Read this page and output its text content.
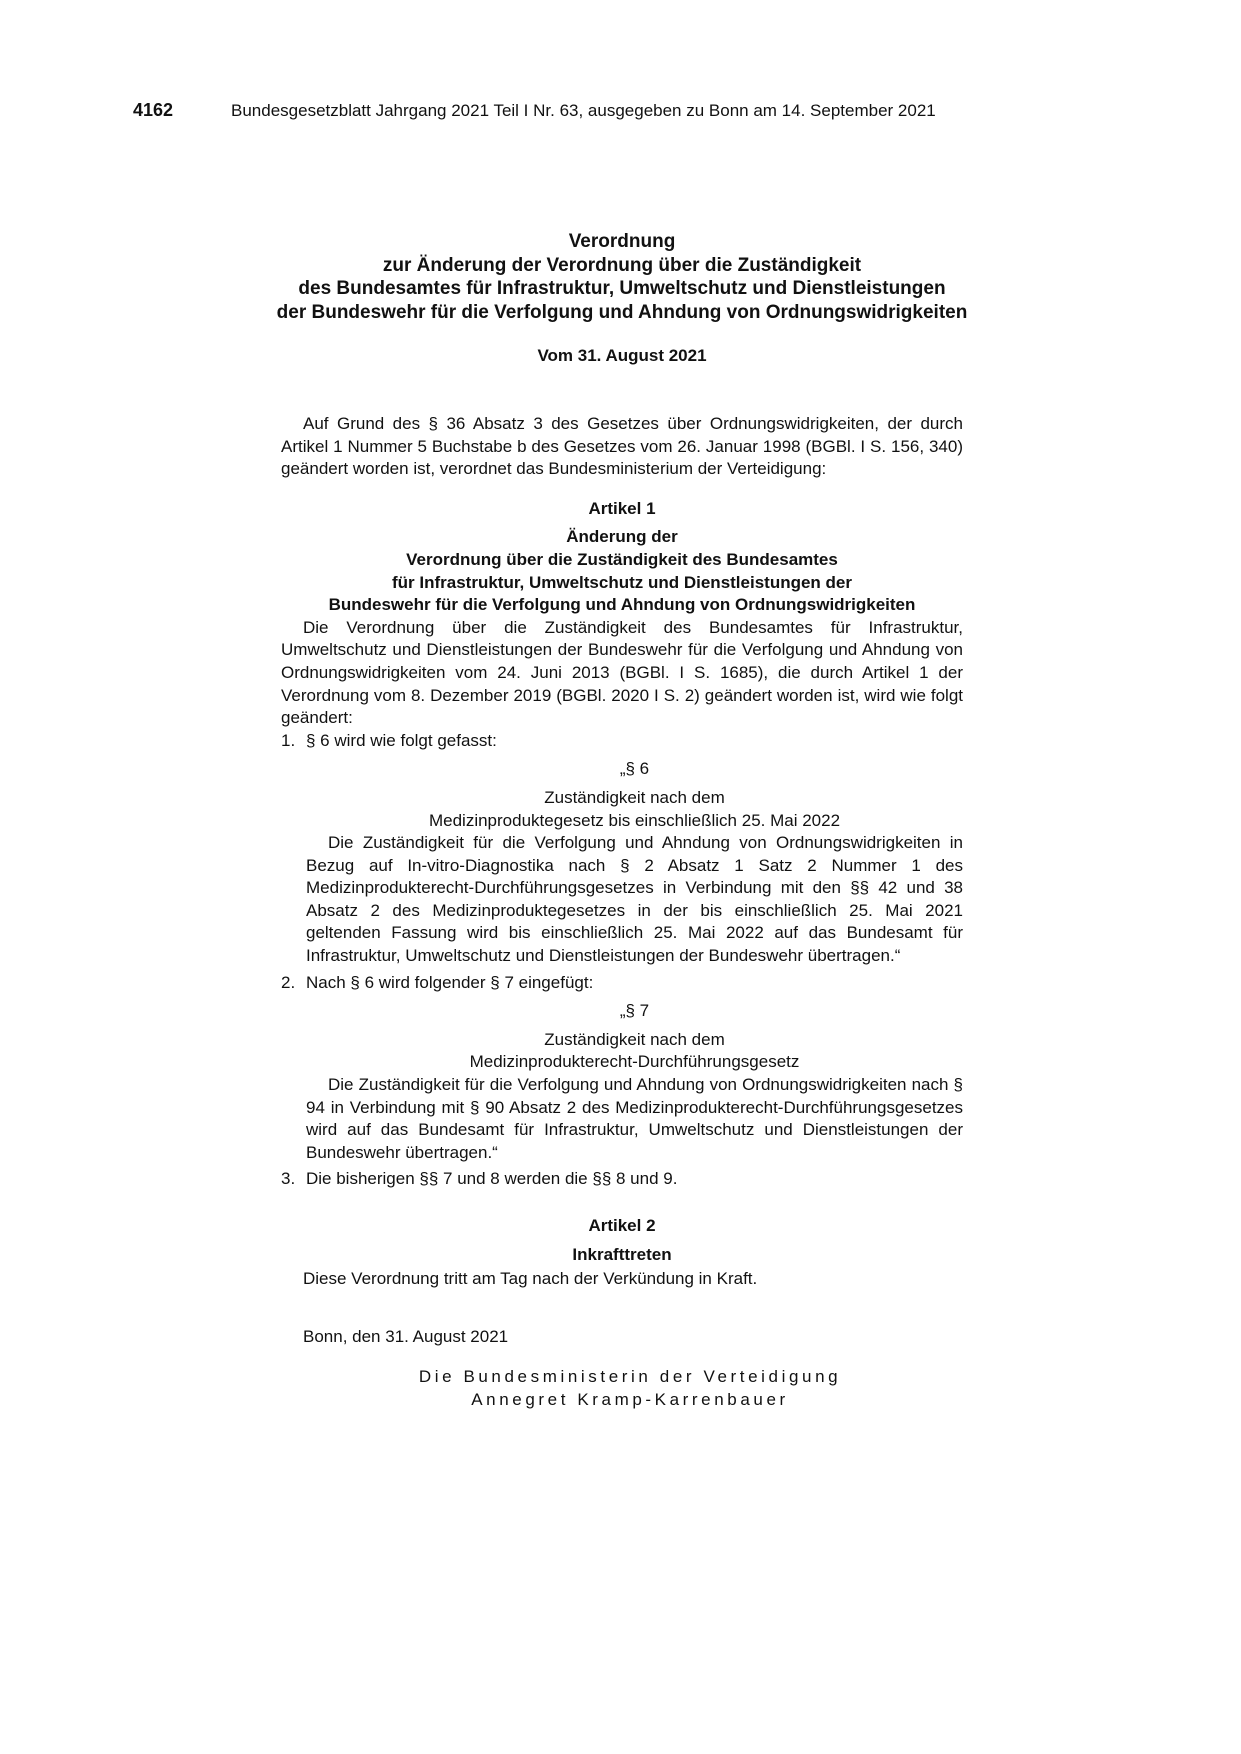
4162	Bundesgesetzblatt Jahrgang 2021 Teil I Nr. 63, ausgegeben zu Bonn am 14. September 2021
Verordnung
zur Änderung der Verordnung über die Zuständigkeit
des Bundesamtes für Infrastruktur, Umweltschutz und Dienstleistungen
der Bundeswehr für die Verfolgung und Ahndung von Ordnungswidrigkeiten
Vom 31. August 2021

Auf Grund des § 36 Absatz 3 des Gesetzes über Ordnungswidrigkeiten, der durch Artikel 1 Nummer 5 Buchstabe b des Gesetzes vom 26. Januar 1998 (BGBl. I S. 156, 340) geändert worden ist, verordnet das Bundesministerium der Verteidigung:

Artikel 1

Änderung der
Verordnung über die Zuständigkeit des Bundesamtes
für Infrastruktur, Umweltschutz und Dienstleistungen der
Bundeswehr für die Verfolgung und Ahndung von Ordnungswidrigkeiten

Die Verordnung über die Zuständigkeit des Bundesamtes für Infrastruktur, Umweltschutz und Dienstleistungen der Bundeswehr für die Verfolgung und Ahndung von Ordnungswidrigkeiten vom 24. Juni 2013 (BGBl. I S. 1685), die durch Artikel 1 der Verordnung vom 8. Dezember 2019 (BGBl. 2020 I S. 2) geändert worden ist, wird wie folgt geändert:

1. § 6 wird wie folgt gefasst:

„§ 6

Zuständigkeit nach dem
Medizinproduktegesetz bis einschließlich 25. Mai 2022

Die Zuständigkeit für die Verfolgung und Ahndung von Ordnungswidrigkeiten in Bezug auf In-vitro-Diagnostika nach § 2 Absatz 1 Satz 2 Nummer 1 des Medizinprodukterecht-Durchführungsgesetzes in Verbindung mit den §§ 42 und 38 Absatz 2 des Medizinproduktegesetzes in der bis einschließlich 25. Mai 2021 geltenden Fassung wird bis einschließlich 25. Mai 2022 auf das Bundesamt für Infrastruktur, Umweltschutz und Dienstleistungen der Bundeswehr übertragen.“

2. Nach § 6 wird folgender § 7 eingefügt:

„§ 7

Zuständigkeit nach dem
Medizinprodukterecht-Durchführungsgesetz

Die Zuständigkeit für die Verfolgung und Ahndung von Ordnungswidrigkeiten nach § 94 in Verbindung mit § 90 Absatz 2 des Medizinprodukterecht-Durchführungsgesetzes wird auf das Bundesamt für Infrastruktur, Umweltschutz und Dienstleistungen der Bundeswehr übertragen.“

3. Die bisherigen §§ 7 und 8 werden die §§ 8 und 9.

Artikel 2

Inkrafttreten

Diese Verordnung tritt am Tag nach der Verkündung in Kraft.

Bonn, den 31. August 2021

Die Bundesministerin der Verteidigung
Annegret Kramp-Karrenbauer
